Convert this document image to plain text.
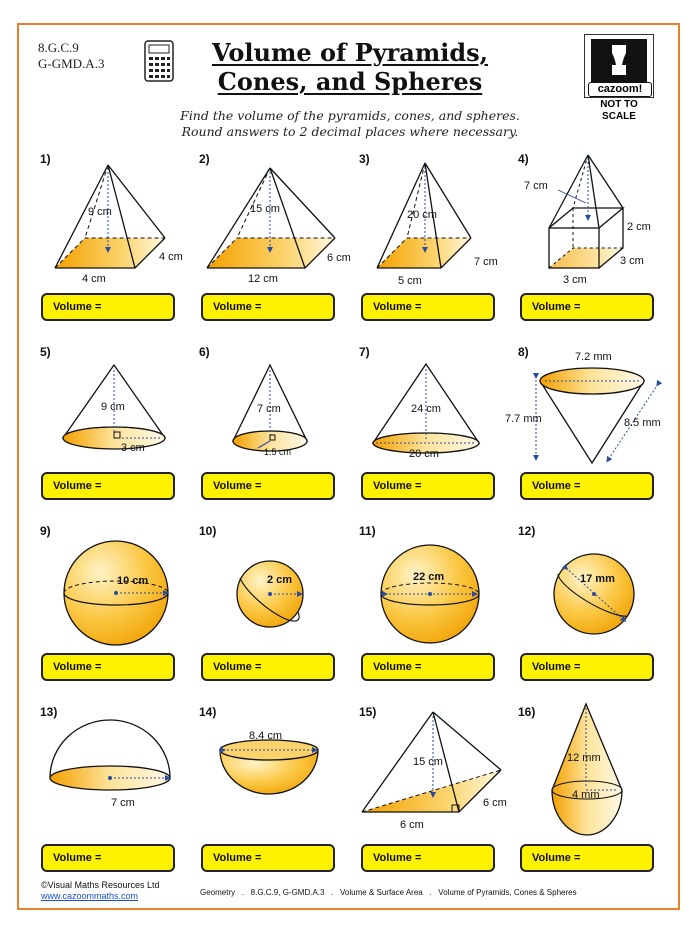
8.G.C.9
G-GMD.A.3	Volume of Pyramids,
Cones, and Spheres	cazoom!
NOT TO
SCALE
Find the volume of the pyramids, cones, and spheres.
Round answers to 2 decimal places where necessary.
1)	2)	3)	4)
5)	6)	7)	8)
9)	10)	11)	12)
13)	14)	15)	16)
9 cm
4 cm
4 cm
15 cm
6 cm
12 cm
20 cm
7 cm
5 cm
7 cm
2 cm
3 cm
3 cm
9 cm
3 cm
7 cm
1.5 cm
24 cm
20 cm
7.2 mm
7.7 mm	8.5 mm
10 cm	2 cm	22 cm	17 mm
7 cm
8.4 cm
15 cm
6 cm
6 cm
12 mm
4 mm
Volume =	Volume =	Volume =	Volume =
Volume =	Volume =	Volume =	Volume =
Volume =	Volume =	Volume =	Volume =
Volume =	Volume =	Volume =	Volume =
©Visual Maths Resources Ltd
www.cazoommaths.com	Geometry   .   8.G.C.9, G-GMD.A.3   .   Volume & Surface Area   .   Volume of Pyramids, Cones & Spheres
